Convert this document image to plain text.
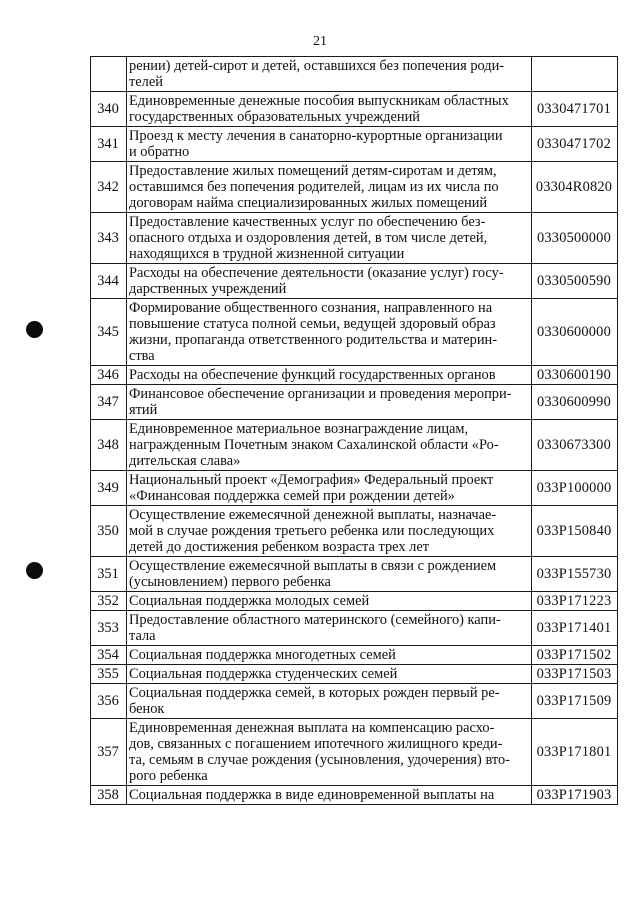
21
	рении) детей-сирот и детей, оставшихся без попечения роди-
телей	
340	Единовременные денежные пособия выпускникам областных
государственных образовательных учреждений	0330471701
341	Проезд к месту лечения в санаторно-курортные организации
и обратно	0330471702
342	Предоставление жилых помещений детям-сиротам и детям,
оставшимся без попечения родителей, лицам из их числа по
договорам найма специализированных жилых помещений	03304R0820
343	Предоставление качественных услуг по обеспечению без-
опасного отдыха и оздоровления детей, в том числе детей,
находящихся в трудной жизненной ситуации	0330500000
344	Расходы на обеспечение деятельности (оказание услуг) госу-
дарственных учреждений	0330500590
345	Формирование общественного сознания, направленного на
повышение статуса полной семьи, ведущей здоровый образ
жизни, пропаганда ответственного родительства и материн-
ства	0330600000
346	Расходы на обеспечение функций государственных органов	0330600190
347	Финансовое обеспечение организации и проведения меропри-
ятий	0330600990
348	Единовременное материальное вознаграждение лицам,
награжденным Почетным знаком Сахалинской области «Ро-
дительская слава»	0330673300
349	Национальный проект «Демография» Федеральный проект
«Финансовая поддержка семей при рождении детей»	033P100000
350	Осуществление ежемесячной денежной выплаты, назначае-
мой в случае рождения третьего ребенка или последующих
детей до достижения ребенком возраста трех лет	033P150840
351	Осуществление ежемесячной выплаты в связи с рождением
(усыновлением) первого ребенка	033P155730
352	Социальная поддержка молодых семей	033P171223
353	Предоставление областного материнского (семейного) капи-
тала	033P171401
354	Социальная поддержка многодетных семей	033P171502
355	Социальная поддержка студенческих семей	033P171503
356	Социальная поддержка семей, в которых рожден первый ре-
бенок	033P171509
357	Единовременная денежная выплата на компенсацию расхо-
дов, связанных с погашением ипотечного жилищного креди-
та, семьям в случае рождения (усыновления, удочерения) вто-
рого ребенка	033P171801
358	Социальная поддержка в виде единовременной выплаты на	033P171903
